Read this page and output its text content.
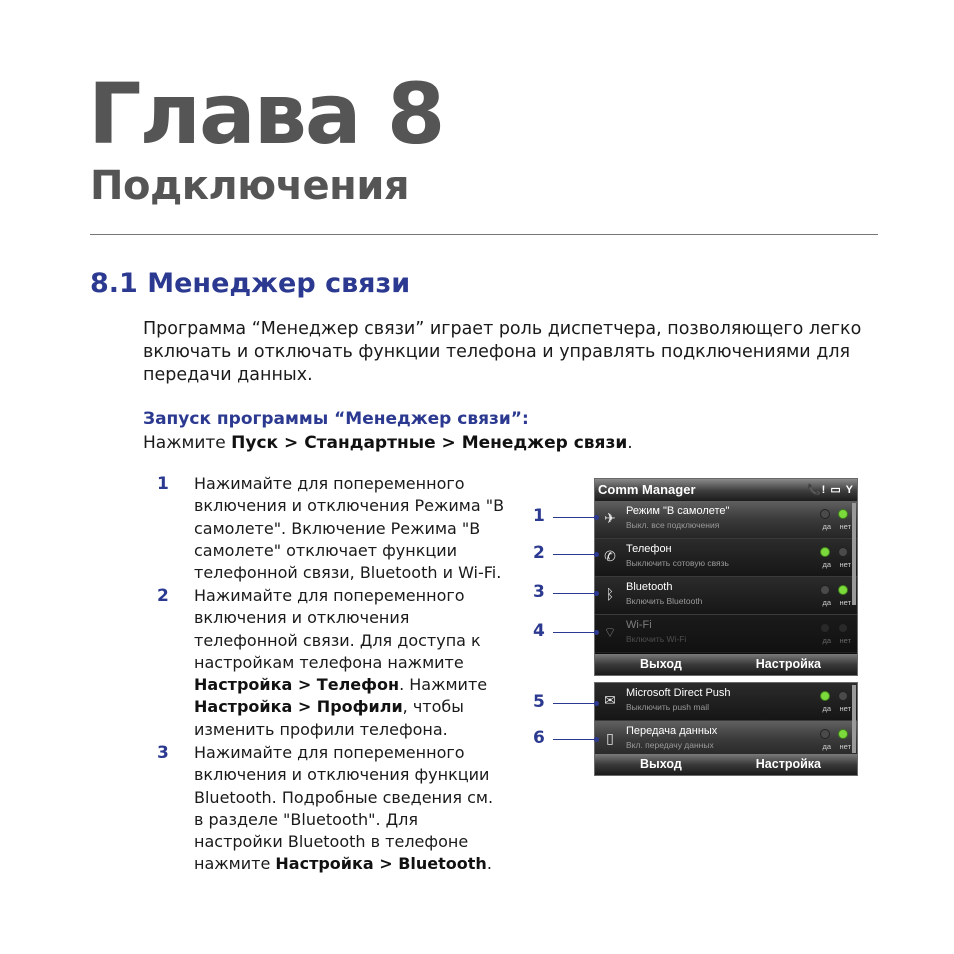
Глава 8
Подключения
8.1 Менеджер связи
Программа “Менеджер связи” играет роль диспетчера, позволяющего легко включать и отключать функции телефона и управлять подключениями для передачи данных.
Запуск программы “Менеджер связи”:
Нажмите Пуск > Стандартные > Менеджер связи.
1 Нажимайте для попеременного включения и отключения Режима "В самолете". Включение Режима "В самолете" отключает функции телефонной связи, Bluetooth и Wi-Fi.
2 Нажимайте для попеременного включения и отключения телефонной связи. Для доступа к настройкам телефона нажмите Настройка > Телефон. Нажмите Настройка > Профили, чтобы изменить профили телефона.
3 Нажимайте для попеременного включения и отключения функции Bluetooth. Подробные сведения см. в разделе "Bluetooth". Для настройки Bluetooth в телефоне нажмите Настройка > Bluetooth.
Comm Manager	📞! ▭ Y
✈ Режим "В самолете"
Выкл. все подключения	да нет
✆ Телефон
Выключить сотовую связь	да нет
ᛒ	Bluetooth
Включить Bluetooth	да нет
⌔ Wi-Fi
Включить Wi-Fi	да нет
Выход	Настройка
✉ Microsoft Direct Push
Выключить push mail	да нет
▯	Передача данных
Вкл. передачу данных	да нет
Выход	Настройка
1
2
3
4
5
6
